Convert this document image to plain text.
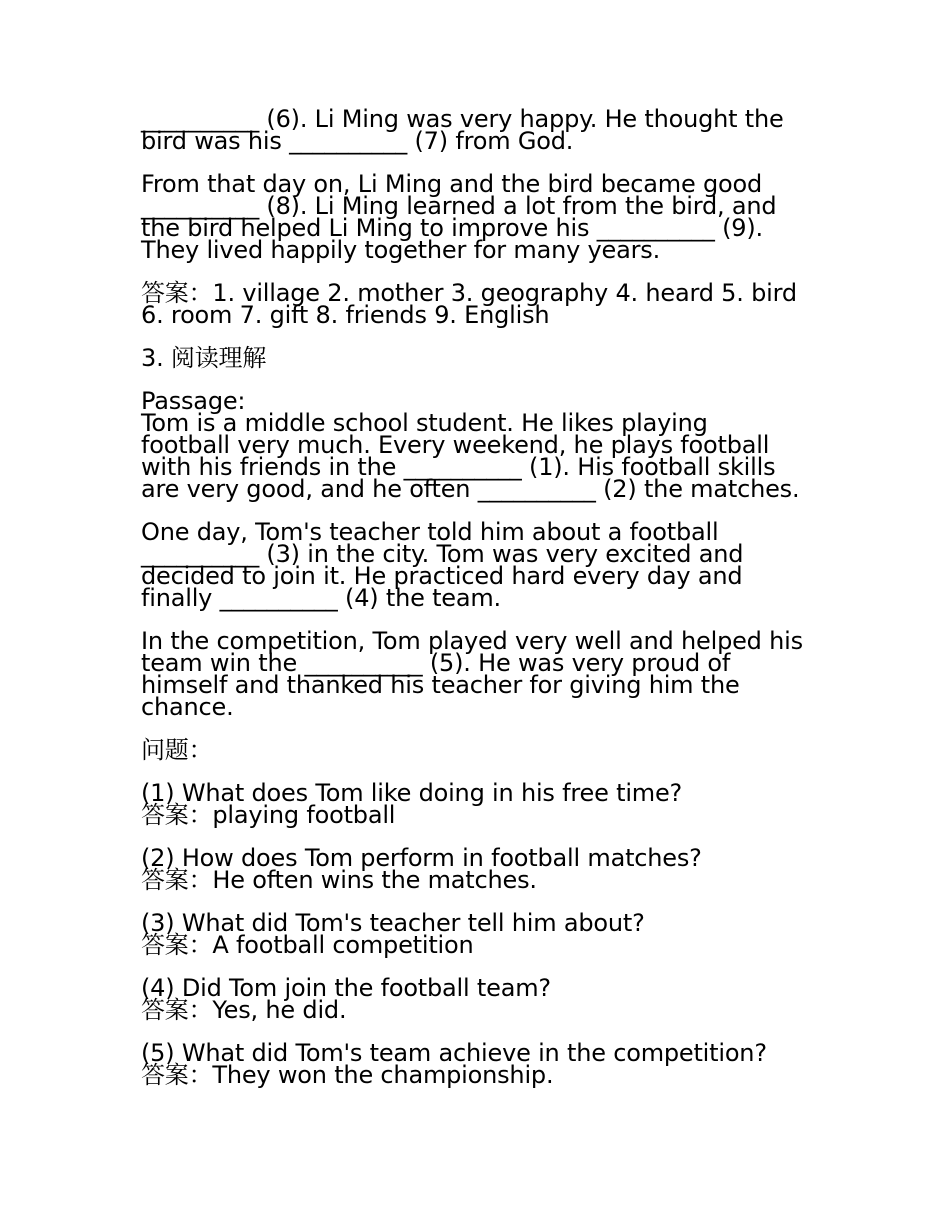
__________ (6). Li Ming was very happy. He thought the
bird was his __________ (7) from God.
From that day on, Li Ming and the bird became good
__________ (8). Li Ming learned a lot from the bird, and
the bird helped Li Ming to improve his __________ (9).
They lived happily together for many years.
答案：1. village 2. mother 3. geography 4. heard 5. bird
6. room 7. gift 8. friends 9. English
3. 阅读理解
Passage:
Tom is a middle school student. He likes playing
football very much. Every weekend, he plays football
with his friends in the __________ (1). His football skills
are very good, and he often __________ (2) the matches.
One day, Tom's teacher told him about a football
__________ (3) in the city. Tom was very excited and
decided to join it. He practiced hard every day and
finally __________ (4) the team.
In the competition, Tom played very well and helped his
team win the __________ (5). He was very proud of
himself and thanked his teacher for giving him the
chance.
问题：
(1) What does Tom like doing in his free time?
答案：playing football
(2) How does Tom perform in football matches?
答案：He often wins the matches.
(3) What did Tom's teacher tell him about?
答案：A football competition
(4) Did Tom join the football team?
答案：Yes, he did.
(5) What did Tom's team achieve in the competition?
答案：They won the championship.
